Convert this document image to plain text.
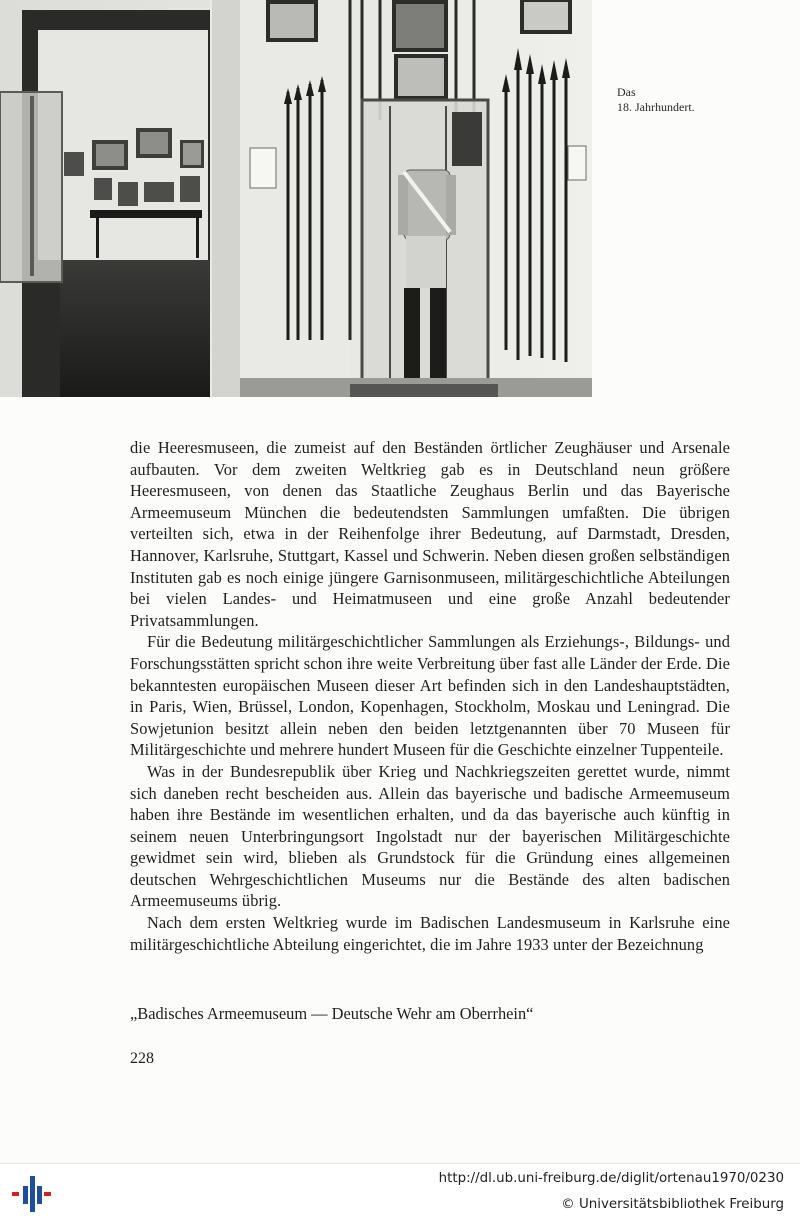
Das
18. Jahrhundert.

die Heeresmuseen, die zumeist auf den Beständen örtlicher Zeughäuser und Arsenale aufbauten. Vor dem zweiten Weltkrieg gab es in Deutschland neun größere Heeresmuseen, von denen das Staatliche Zeughaus Berlin und das Bayerische Armeemuseum München die bedeutendsten Sammlungen umfaßten. Die übrigen verteilten sich, etwa in der Reihenfolge ihrer Bedeutung, auf Darmstadt, Dresden, Hannover, Karlsruhe, Stuttgart, Kassel und Schwerin. Neben diesen großen selbständigen Instituten gab es noch einige jüngere Garnisonmuseen, militärgeschichtliche Abteilungen bei vielen Landes- und Heimatmuseen und eine große Anzahl bedeutender Privatsammlungen.

Für die Bedeutung militärgeschichtlicher Sammlungen als Erziehungs-, Bildungs- und Forschungsstätten spricht schon ihre weite Verbreitung über fast alle Länder der Erde. Die bekanntesten europäischen Museen dieser Art befinden sich in den Landeshauptstädten, in Paris, Wien, Brüssel, London, Kopenhagen, Stockholm, Moskau und Leningrad. Die Sowjetunion besitzt allein neben den beiden letztgenannten über 70 Museen für Militärgeschichte und mehrere hundert Museen für die Geschichte einzelner Tuppenteile.

Was in der Bundesrepublik über Krieg und Nachkriegszeiten gerettet wurde, nimmt sich daneben recht bescheiden aus. Allein das bayerische und badische Armeemuseum haben ihre Bestände im wesentlichen erhalten, und da das bayerische auch künftig in seinem neuen Unterbringungsort Ingolstadt nur der bayerischen Militärgeschichte gewidmet sein wird, blieben als Grundstock für die Gründung eines allgemeinen deutschen Wehrgeschichtlichen Museums nur die Bestände des alten badischen Armeemuseums übrig.

Nach dem ersten Weltkrieg wurde im Badischen Landesmuseum in Karlsruhe eine militärgeschichtliche Abteilung eingerichtet, die im Jahre 1933 unter der Bezeichnung

„Badisches Armeemuseum — Deutsche Wehr am Oberrhein“
228
http://dl.ub.uni-freiburg.de/diglit/ortenau1970/0230
© Universitätsbibliothek Freiburg
